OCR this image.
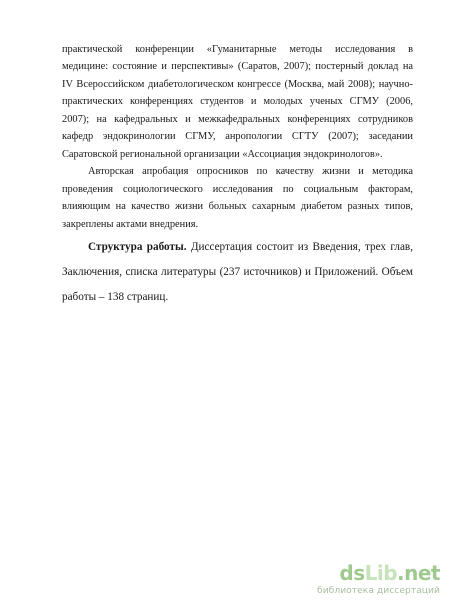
практической конференции «Гуманитарные методы исследования в
медицине: состояние и перспективы» (Саратов, 2007); постерный доклад на
IV Всероссийском диабетологическом конгрессе (Москва, май 2008); научно-
практических конференциях студентов и молодых ученых СГМУ (2006,
2007); на кафедральных и межкафедральных конференциях сотрудников
кафедр эндокринологии СГМУ, анропологии СГТУ (2007); заседании
Саратовской региональной организации «Ассоциация эндокринологов».
Авторская апробация опросников по качеству жизни и методика
проведения социологического исследования по социальным факторам,
влияющим на качество жизни больных сахарным диабетом разных типов,
закреплены актами внедрения.
Структура работы. Диссертация состоит из Введения, трех глав,
Заключения, списка литературы (237 источников) и Приложений. Объем
работы – 138 страниц.
dsLib.net
библиотека диссертаций
